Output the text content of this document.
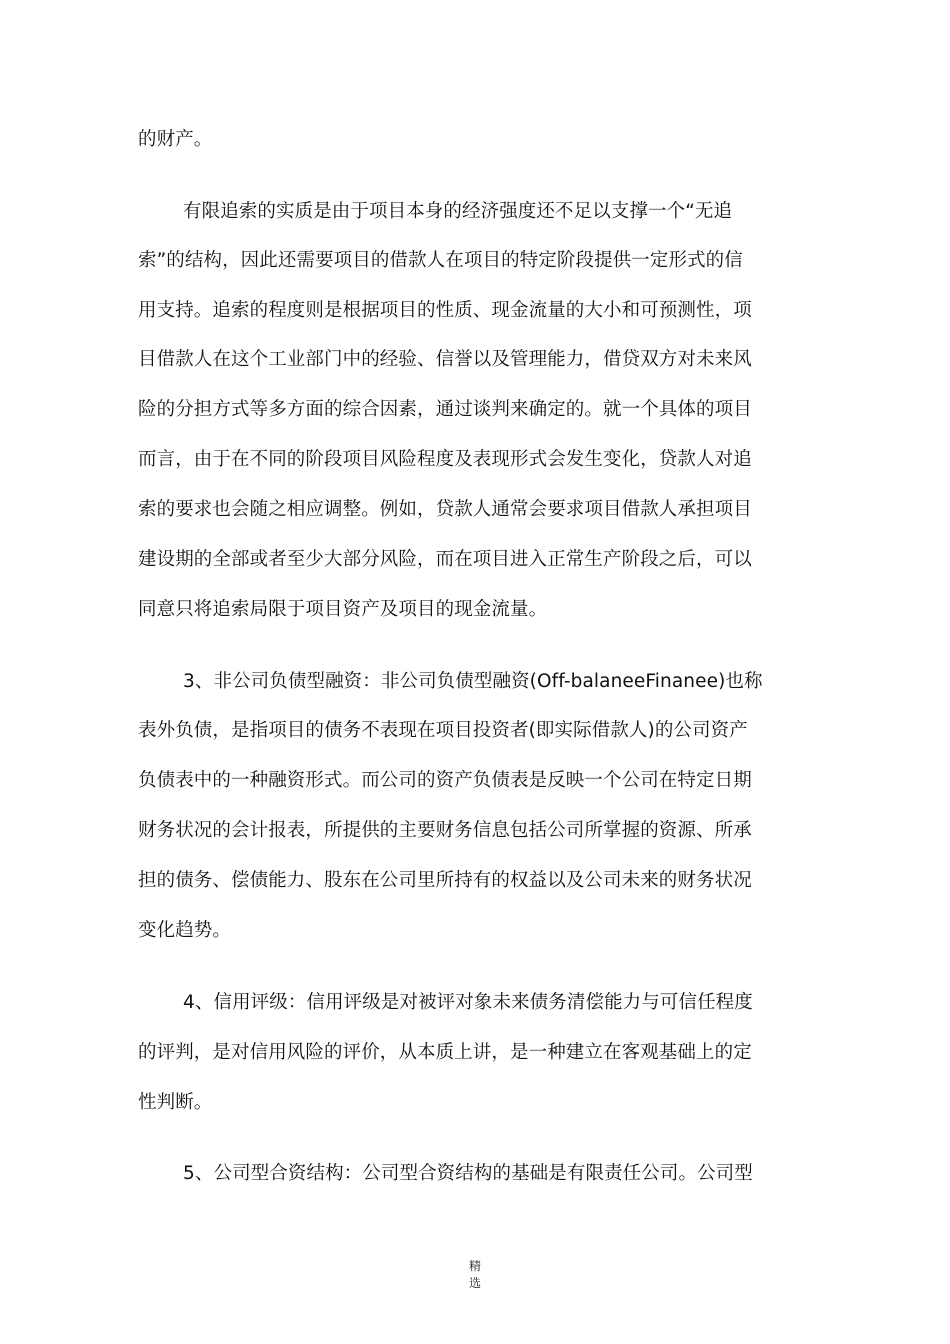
的财产。
有限追索的实质是由于项目本身的经济强度还不足以支撑一个“无追
索”的结构，因此还需要项目的借款人在项目的特定阶段提供一定形式的信
用支持。追索的程度则是根据项目的性质、现金流量的大小和可预测性，项
目借款人在这个工业部门中的经验、信誉以及管理能力，借贷双方对未来风
险的分担方式等多方面的综合因素，通过谈判来确定的。就一个具体的项目
而言，由于在不同的阶段项目风险程度及表现形式会发生变化，贷款人对追
索的要求也会随之相应调整。例如，贷款人通常会要求项目借款人承担项目
建设期的全部或者至少大部分风险，而在项目进入正常生产阶段之后，可以
同意只将追索局限于项目资产及项目的现金流量。
3、非公司负债型融资：非公司负债型融资(Off-balaneeFinanee)也称
表外负债，是指项目的债务不表现在项目投资者(即实际借款人)的公司资产
负债表中的一种融资形式。而公司的资产负债表是反映一个公司在特定日期
财务状况的会计报表，所提供的主要财务信息包括公司所掌握的资源、所承
担的债务、偿债能力、股东在公司里所持有的权益以及公司未来的财务状况
变化趋势。
4、信用评级：信用评级是对被评对象未来债务清偿能力与可信任程度
的评判，是对信用风险的评价，从本质上讲，是一种建立在客观基础上的定
性判断。
5、公司型合资结构：公司型合资结构的基础是有限责任公司。公司型
精
选
